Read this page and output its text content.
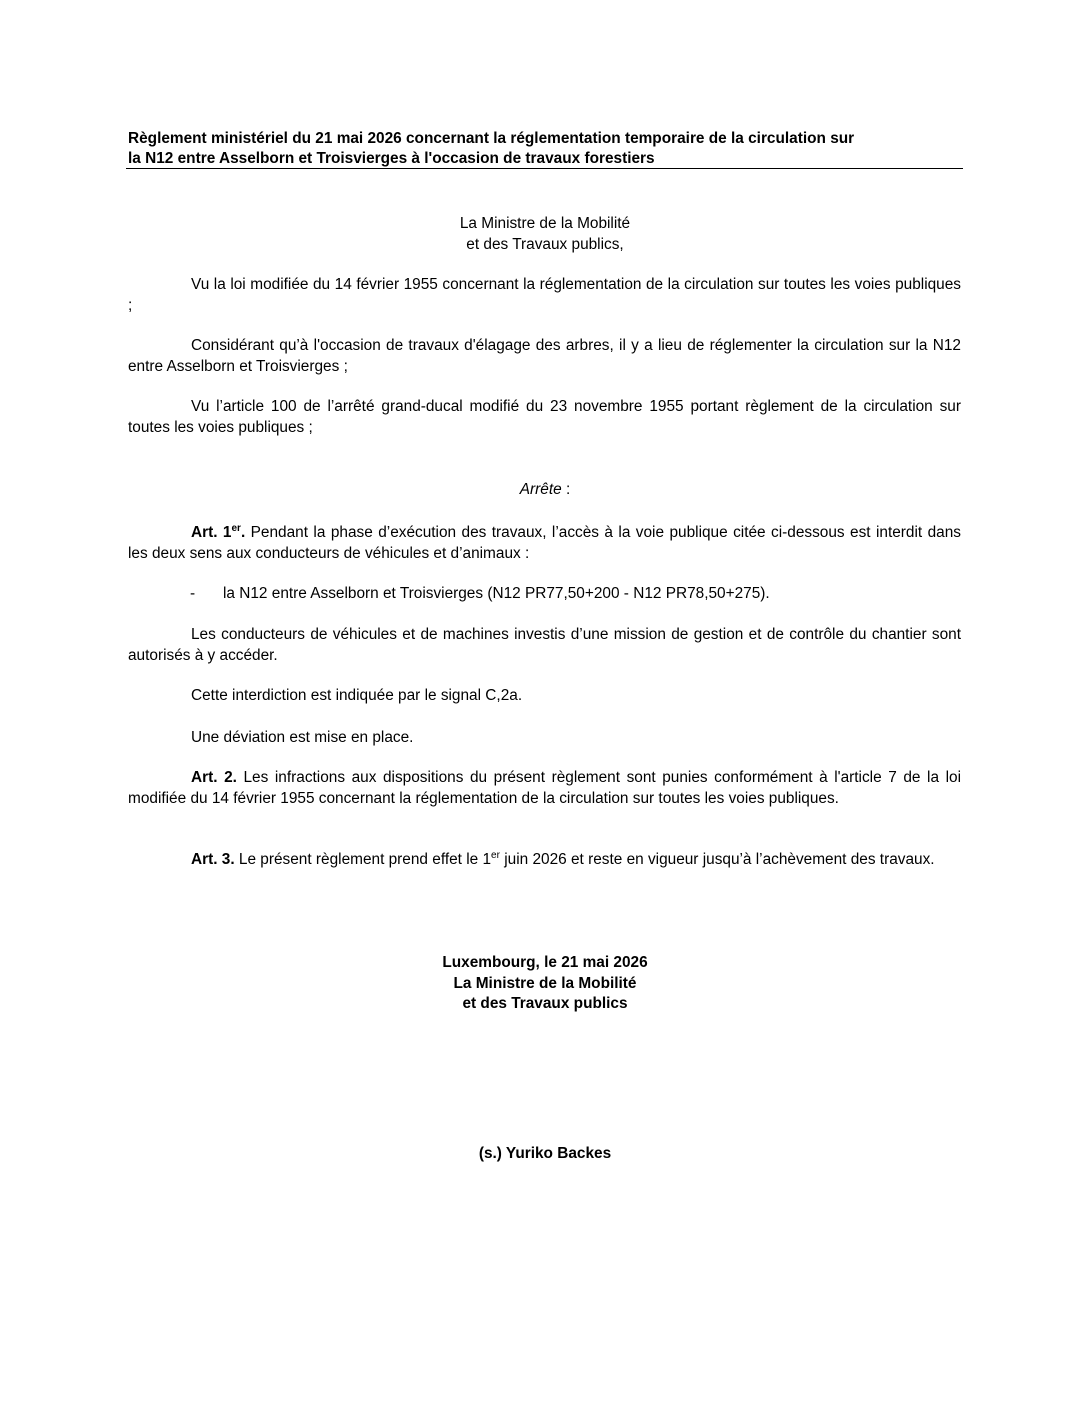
Règlement ministériel du 21 mai 2026 concernant la réglementation temporaire de la circulation sur
la N12 entre Asselborn et Troisvierges à l'occasion de travaux forestiers
La Ministre de la Mobilité
et des Travaux publics,
Vu la loi modifiée du 14 février 1955 concernant la réglementation de la circulation sur toutes les voies publiques ;
Considérant qu’à l'occasion de travaux d'élagage des arbres, il y a lieu de réglementer la circulation sur la N12 entre Asselborn et Troisvierges ;
Vu l’article 100 de l’arrêté grand-ducal modifié du 23 novembre 1955 portant règlement de la circulation sur toutes les voies publiques ;
Arrête :
Art. 1er. Pendant la phase d’exécution des travaux, l’accès à la voie publique citée ci-dessous est interdit dans les deux sens aux conducteurs de véhicules et d’animaux :
- la N12 entre Asselborn et Troisvierges (N12 PR77,50+200 - N12 PR78,50+275).
Les conducteurs de véhicules et de machines investis d’une mission de gestion et de contrôle du chantier sont autorisés à y accéder.
Cette interdiction est indiquée par le signal C,2a.
Une déviation est mise en place.
Art. 2. Les infractions aux dispositions du présent règlement sont punies conformément à l'article 7 de la loi modifiée du 14 février 1955 concernant la réglementation de la circulation sur toutes les voies publiques.
Art. 3. Le présent règlement prend effet le 1er juin 2026 et reste en vigueur jusqu’à l’achèvement des travaux.
Luxembourg, le 21 mai 2026
La Ministre de la Mobilité
et des Travaux publics
(s.) Yuriko Backes
